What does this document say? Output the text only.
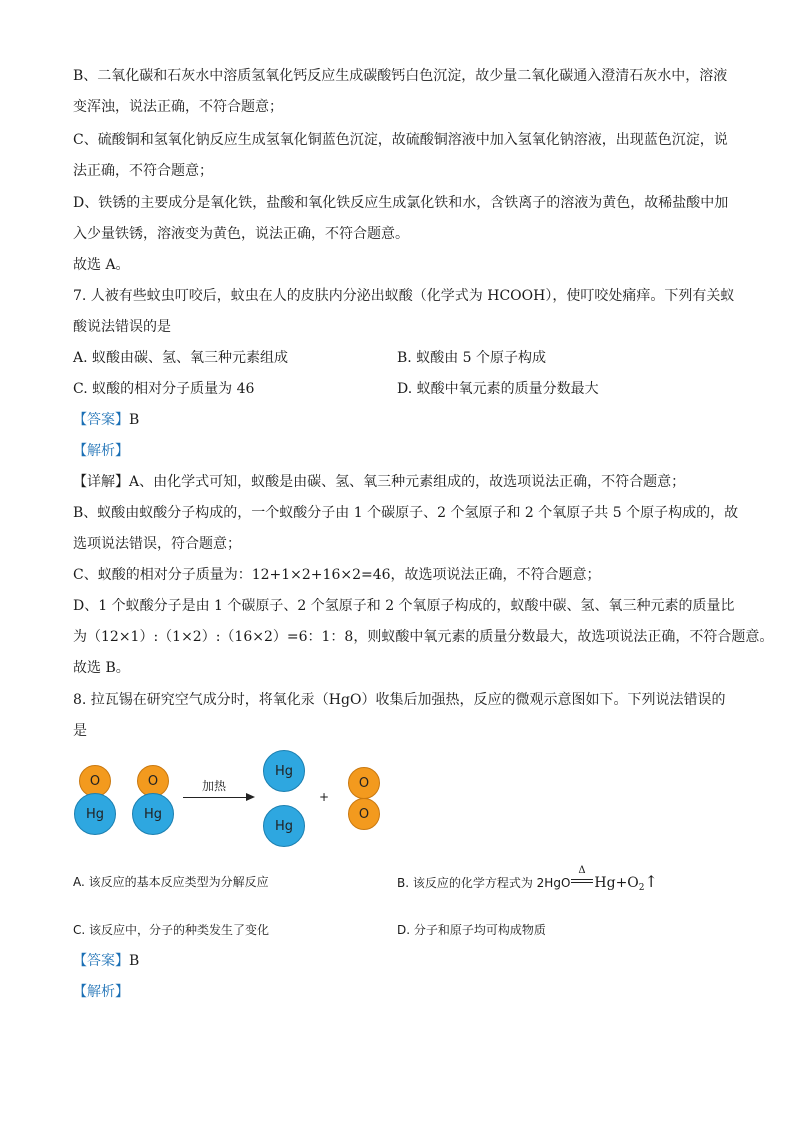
B、二氧化碳和石灰水中溶质氢氧化钙反应生成碳酸钙白色沉淀，故少量二氧化碳通入澄清石灰水中，溶液
变浑浊，说法正确，不符合题意；
C、硫酸铜和氢氧化钠反应生成氢氧化铜蓝色沉淀，故硫酸铜溶液中加入氢氧化钠溶液，出现蓝色沉淀，说
法正确，不符合题意；
D、铁锈的主要成分是氧化铁，盐酸和氧化铁反应生成氯化铁和水，含铁离子的溶液为黄色，故稀盐酸中加
入少量铁锈，溶液变为黄色，说法正确，不符合题意。
故选 A。
7. 人被有些蚊虫叮咬后，蚊虫在人的皮肤内分泌出蚁酸（化学式为 HCOOH），使叮咬处痛痒。下列有关蚁
酸说法错误的是
A. 蚁酸由碳、氢、氧三种元素组成	B. 蚁酸由 5 个原子构成
C. 蚁酸的相对分子质量为 46	D. 蚁酸中氧元素的质量分数最大
【答案】B
【解析】
【详解】A、由化学式可知，蚁酸是由碳、氢、氧三种元素组成的，故选项说法正确，不符合题意；
B、蚁酸由蚁酸分子构成的，一个蚁酸分子由 1 个碳原子、2 个氢原子和 2 个氧原子共 5 个原子构成的，故
选项说法错误，符合题意；
C、蚁酸的相对分子质量为：12+1×2+16×2=46，故选项说法正确，不符合题意；
D、1 个蚁酸分子是由 1 个碳原子、2 个氢原子和 2 个氧原子构成的，蚁酸中碳、氢、氧三种元素的质量比
为（12×1）:（1×2）:（16×2）=6：1：8，则蚁酸中氧元素的质量分数最大，故选项说法正确，不符合题意。
故选 B。
8. 拉瓦锡在研究空气成分时，将氧化汞（HgO）收集后加强热，反应的微观示意图如下。下列说法错误的
是
O
Hg
O
Hg
加热
Hg
Hg
+
O
O
A. 该反应的基本反应类型为分解反应	B. 该反应的化学方程式为 2HgO
Δ
$Hg+O_2↑$
C. 该反应中，分子的种类发生了变化	D. 分子和原子均可构成物质
【答案】B
【解析】
